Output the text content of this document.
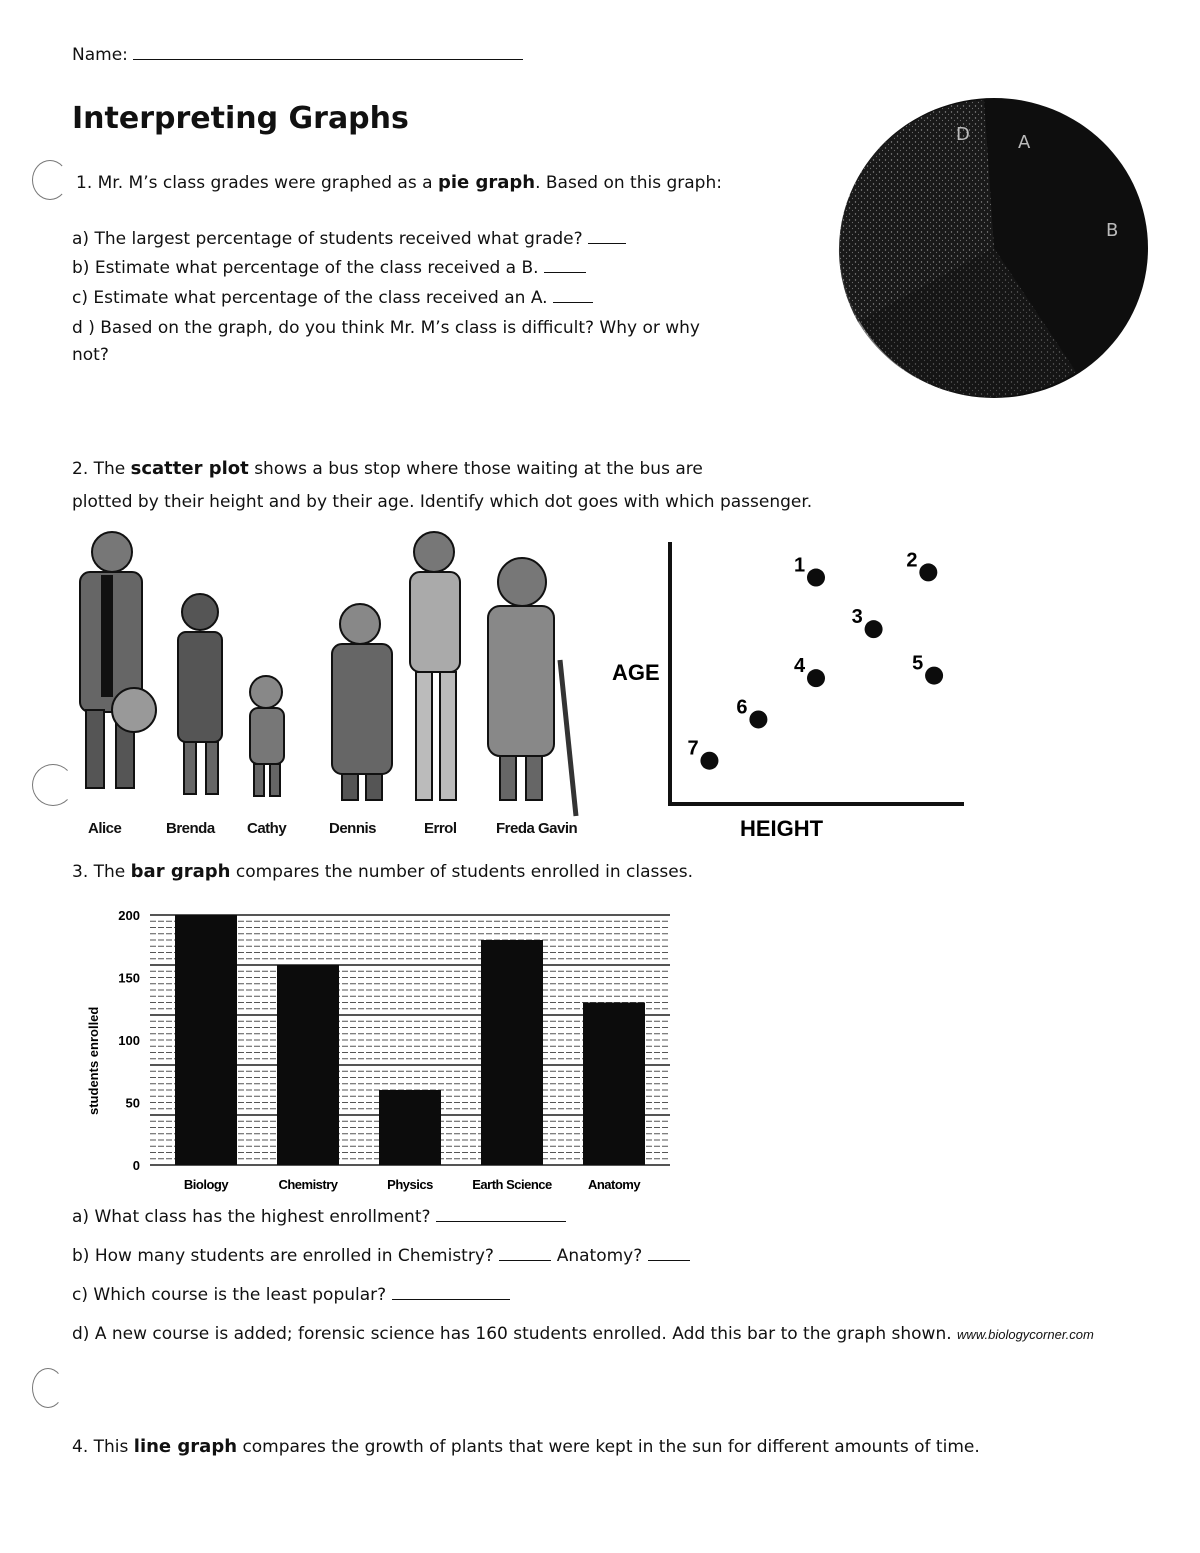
Name:
Interpreting Graphs
1. Mr. M’s class grades were graphed as a pie graph. Based on this graph:
a) The largest percentage of students received what grade?
b) Estimate what percentage of the class received a B.
c) Estimate what percentage of the class received an A.
d ) Based on the graph, do you think Mr. M’s class is difficult? Why or why
not?
D	A
B
2. The scatter plot shows a bus stop where those waiting at the bus are
plotted by their height and by their age. Identify which dot goes with which passenger.
Alice	Brenda Cathy	Dennis	Errol	Freda Gavin
AGE
HEIGHT
1	2
3
4	5
6
7
3. The bar graph compares the number of students enrolled in classes.
0
50
100
150
200
Biology	Chemistry	Physics	Earth Science	Anatomy
students enrolled
a) What class has the highest enrollment?
b) How many students are enrolled in Chemistry?	Anatomy?
c) Which course is the least popular?
d) A new course is added; forensic science has 160 students enrolled. Add this bar to the graph shown. www.biologycorner.com
4. This line graph compares the growth of plants that were kept in the sun for different amounts of time.
